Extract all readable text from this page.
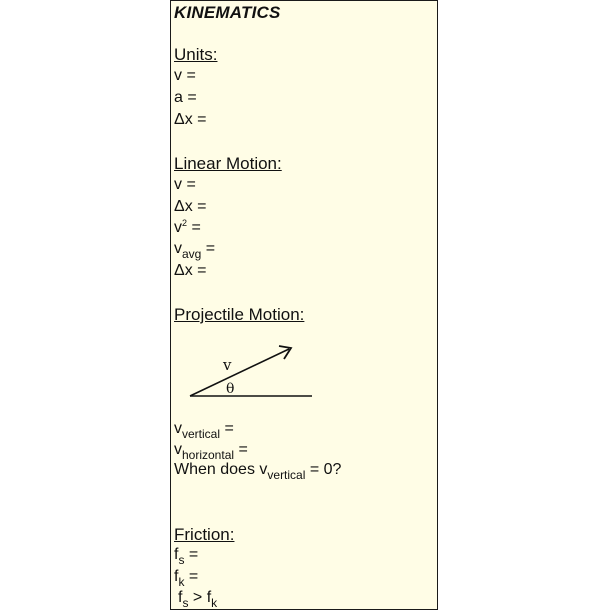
KINEMATICS
Units:
v =
a =
Δx =
Linear Motion:
v =
Δx =
$v^2$ =
$v_{avg}$ =
Δx =
Projectile Motion:
v
θ
$v_{vertical}$ =
$v_{horizontal}$ =
When does $v_{vertical} = 0$?
Friction:
$f_s$ =
$f_k$ =
$f_s > f_k$
